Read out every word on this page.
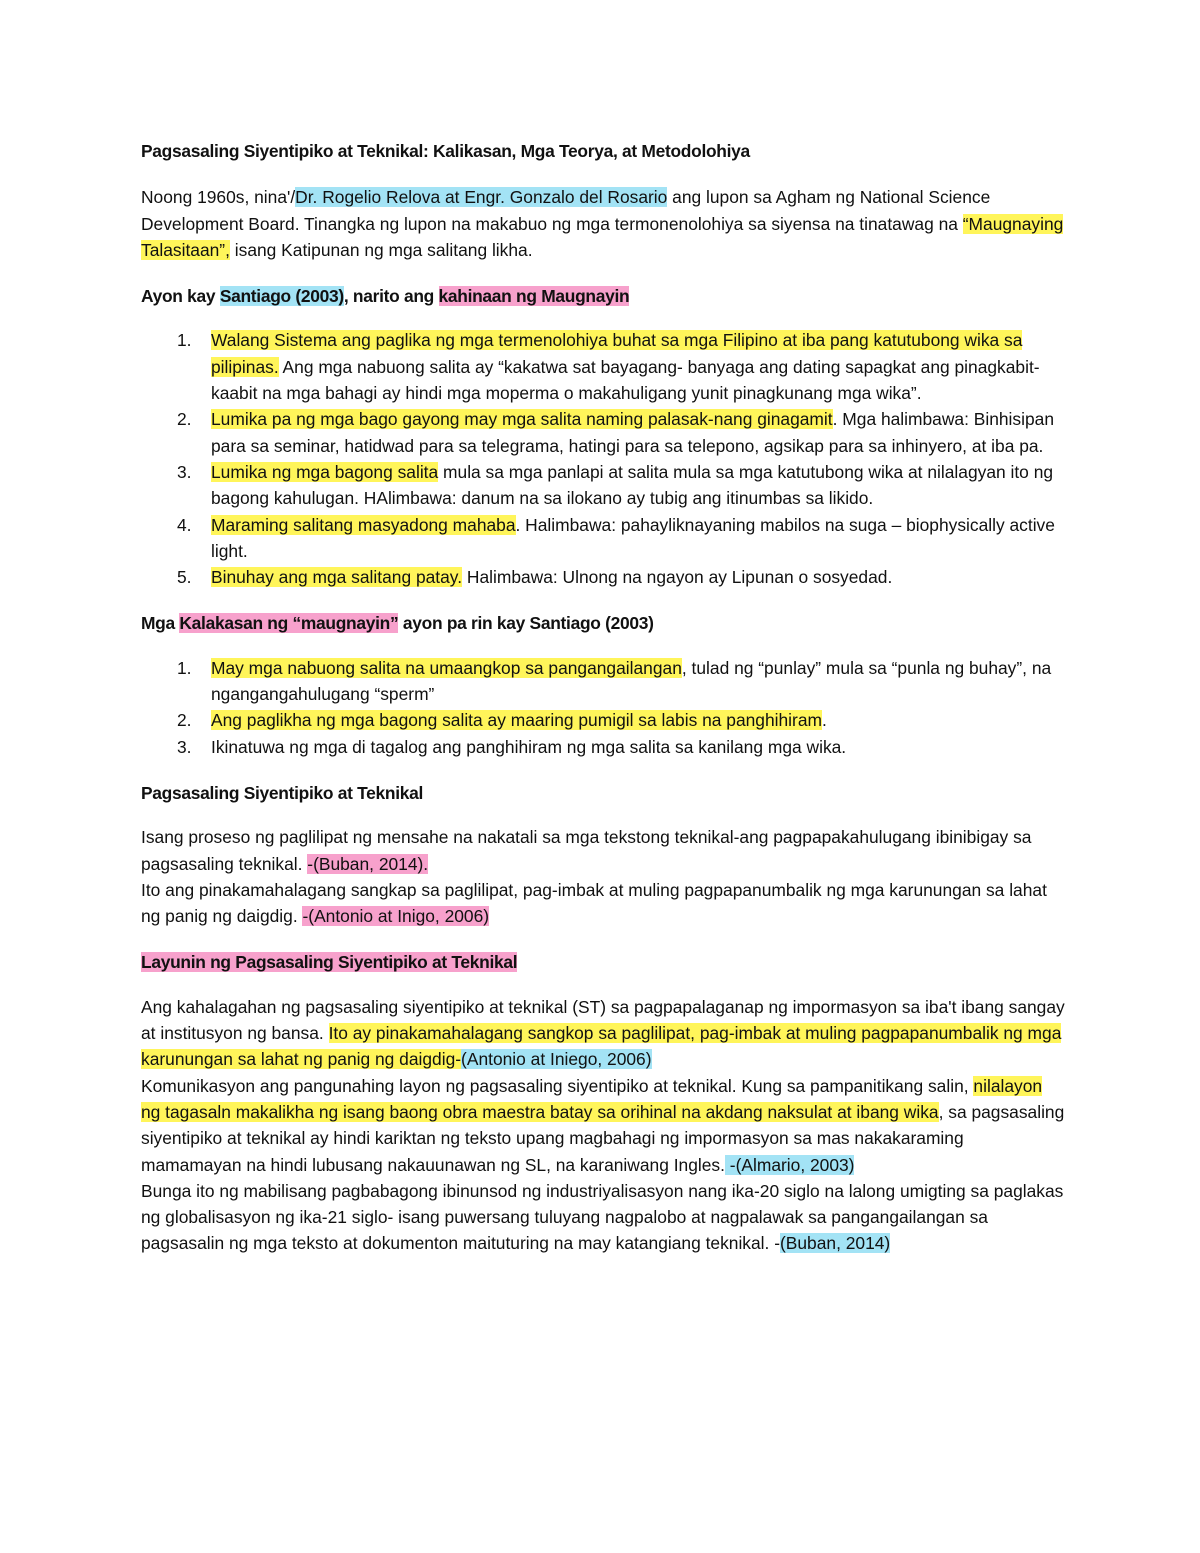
Pagsasaling Siyentipiko at Teknikal: Kalikasan, Mga Teorya, at Metodolohiya

Noong 1960s, nina'/Dr. Rogelio Relova at Engr. Gonzalo del Rosario ang lupon sa Agham ng National Science Development Board. Tinangka ng lupon na makabuo ng mga termonenolohiya sa siyensa na tinatawag na “Maugnaying Talasitaan”, isang Katipunan ng mga salitang likha.

Ayon kay Santiago (2003), narito ang kahinaan ng Maugnayin
1. Walang Sistema ang paglika ng mga termenolohiya buhat sa mga Filipino at iba pang katutubong wika sa pilipinas. Ang mga nabuong salita ay “kakatwa sat bayagang- banyaga ang dating sapagkat ang pinagkabit-kaabit na mga bahagi ay hindi mga moperma o makahuligang yunit pinagkunang mga wika”.
2. Lumika pa ng mga bago gayong may mga salita naming palasak-nang ginagamit. Mga halimbawa: Binhisipan para sa seminar, hatidwad para sa telegrama, hatingi para sa telepono, agsikap para sa inhinyero, at iba pa.
3. Lumika ng mga bagong salita mula sa mga panlapi at salita mula sa mga katutubong wika at nilalagyan ito ng bagong kahulugan. HAlimbawa: danum na sa ilokano ay tubig ang itinumbas sa likido.
4. Maraming salitang masyadong mahaba. Halimbawa: pahayliknayaning mabilos na suga – biophysically active light.
5. Binuhay ang mga salitang patay. Halimbawa: Ulnong na ngayon ay Lipunan o sosyedad.
Mga Kalakasan ng “maugnayin” ayon pa rin kay Santiago (2003)
1. May mga nabuong salita na umaangkop sa pangangailangan, tulad ng “punlay” mula sa “punla ng buhay”, na ngangangahulugang “sperm”
2. Ang paglikha ng mga bagong salita ay maaring pumigil sa labis na panghihiram.
3. Ikinatuwa ng mga di tagalog ang panghihiram ng mga salita sa kanilang mga wika.
Pagsasaling Siyentipiko at Teknikal

Isang proseso ng paglilipat ng mensahe na nakatali sa mga tekstong teknikal-ang pagpapakahulugang ibinibigay sa pagsasaling teknikal. -(Buban, 2014).
Ito ang pinakamahalagang sangkap sa paglilipat, pag-imbak at muling pagpapanumbalik ng mga karunungan sa lahat ng panig ng daigdig. -(Antonio at Inigo, 2006)

Layunin ng Pagsasaling Siyentipiko at Teknikal

Ang kahalagahan ng pagsasaling siyentipiko at teknikal (ST) sa pagpapalaganap ng impormasyon sa iba't ibang sangay at institusyon ng bansa. Ito ay pinakamahalagang sangkop sa paglilipat, pag-imbak at muling pagpapanumbalik ng mga karunungan sa lahat ng panig ng daigdig-(Antonio at Iniego, 2006)
Komunikasyon ang pangunahing layon ng pagsasaling siyentipiko at teknikal. Kung sa pampanitikang salin, nilalayon ng tagasaln makalikha ng isang baong obra maestra batay sa orihinal na akdang naksulat at ibang wika, sa pagsasaling siyentipiko at teknikal ay hindi kariktan ng teksto upang magbahagi ng impormasyon sa mas nakakaraming mamamayan na hindi lubusang nakauunawan ng SL, na karaniwang Ingles. -(Almario, 2003)
Bunga ito ng mabilisang pagbabagong ibinunsod ng industriyalisasyon nang ika-20 siglo na lalong umigting sa paglakas ng globalisasyon ng ika-21 siglo- isang puwersang tuluyang nagpalobo at nagpalawak sa pangangailangan sa pagsasalin ng mga teksto at dokumenton maituturing na may katangiang teknikal. -(Buban, 2014)
